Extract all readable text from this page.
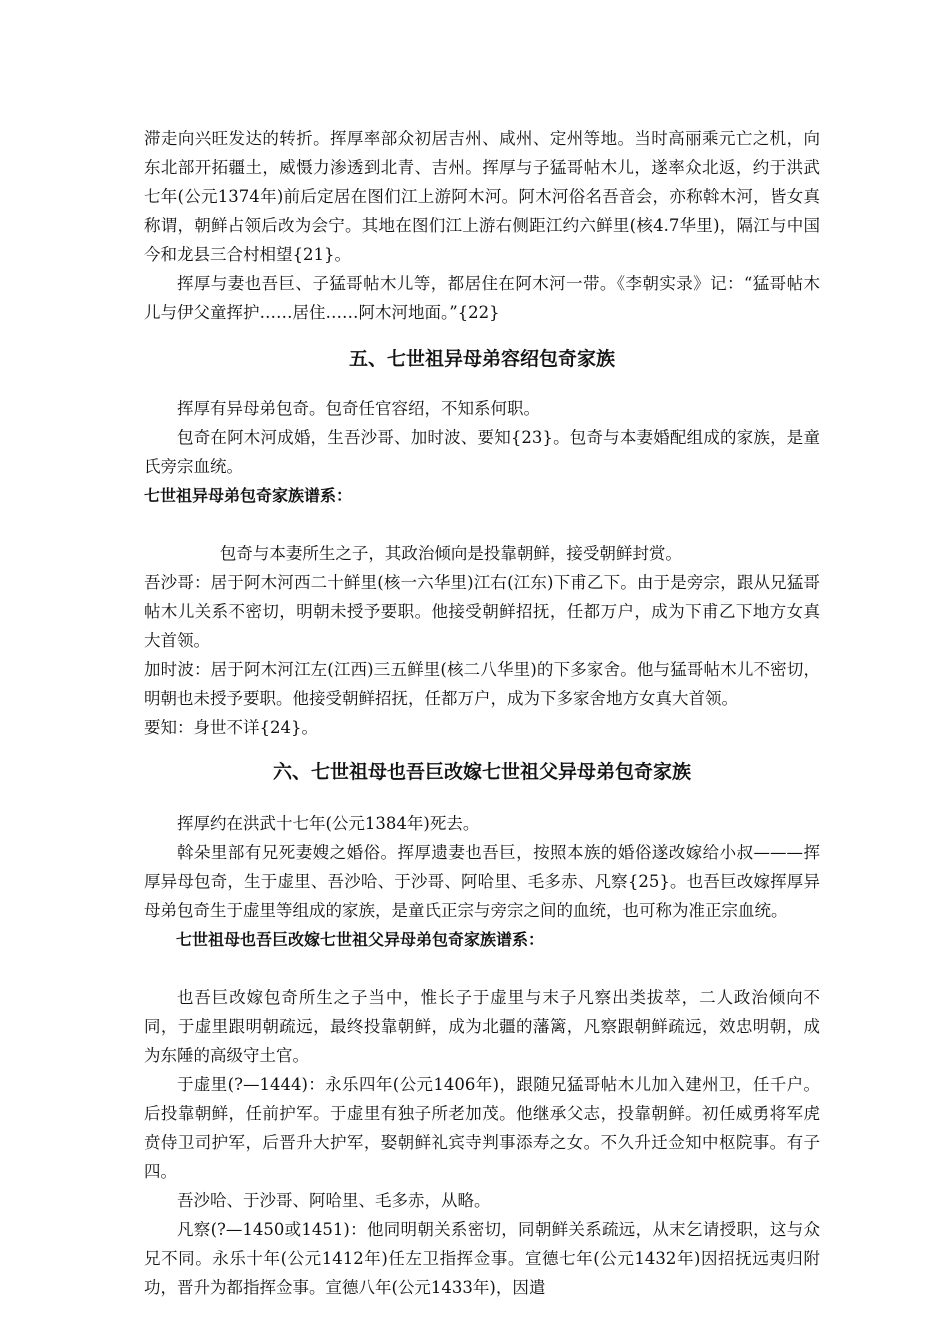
滞走向兴旺发达的转折。挥厚率部众初居吉州、咸州、定州等地。当时高丽乘元亡之机，向东北部开拓疆土，威慑力渗透到北青、吉州。挥厚与子猛哥帖木儿，遂率众北返，约于洪武七年(公元1374年)前后定居在图们江上游阿木河。阿木河俗名吾音会，亦称斡木河，皆女真称谓，朝鲜占领后改为会宁。其地在图们江上游右侧距江约六鲜里(核4.7华里)，隔江与中国今和龙县三合村相望{21}。

挥厚与妻也吾巨、子猛哥帖木儿等，都居住在阿木河一带。《李朝实录》记：“猛哥帖木儿与伊父童挥护……居住……阿木河地面。”{22}

五、七世祖异母弟容绍包奇家族

挥厚有异母弟包奇。包奇任官容绍，不知系何职。

包奇在阿木河成婚，生吾沙哥、加时波、要知{23}。包奇与本妻婚配组成的家族，是童氏旁宗血统。

七世祖异母弟包奇家族谱系：

包奇与本妻所生之子，其政治倾向是投靠朝鲜，接受朝鲜封赏。

吾沙哥：居于阿木河西二十鲜里(核一六华里)江右(江东)下甫乙下。由于是旁宗，跟从兄猛哥帖木儿关系不密切，明朝未授予要职。他接受朝鲜招抚，任都万户，成为下甫乙下地方女真大首领。

加时波：居于阿木河江左(江西)三五鲜里(核二八华里)的下多家舍。他与猛哥帖木儿不密切，明朝也未授予要职。他接受朝鲜招抚，任都万户，成为下多家舍地方女真大首领。

要知：身世不详{24}。

六、七世祖母也吾巨改嫁七世祖父异母弟包奇家族

挥厚约在洪武十七年(公元1384年)死去。

斡朵里部有兄死妻嫂之婚俗。挥厚遗妻也吾巨，按照本族的婚俗遂改嫁给小叔———挥厚异母包奇，生于虚里、吾沙哈、于沙哥、阿哈里、毛多赤、凡察{25}。也吾巨改嫁挥厚异母弟包奇生于虚里等组成的家族，是童氏正宗与旁宗之间的血统，也可称为准正宗血统。

七世祖母也吾巨改嫁七世祖父异母弟包奇家族谱系：

也吾巨改嫁包奇所生之子当中，惟长子于虚里与末子凡察出类拔萃，二人政治倾向不同，于虚里跟明朝疏远，最终投靠朝鲜，成为北疆的藩篱，凡察跟朝鲜疏远，效忠明朝，成为东陲的高级守土官。

于虚里(?—1444)：永乐四年(公元1406年)，跟随兄猛哥帖木儿加入建州卫，任千户。后投靠朝鲜，任前护军。于虚里有独子所老加茂。他继承父志，投靠朝鲜。初任威勇将军虎贲侍卫司护军，后晋升大护军，娶朝鲜礼宾寺判事添寿之女。不久升迁佥知中枢院事。有子四。

吾沙哈、于沙哥、阿哈里、毛多赤，从略。

凡察(?—1450或1451)：他同明朝关系密切，同朝鲜关系疏远，从末乞请授职，这与众兄不同。永乐十年(公元1412年)任左卫指挥佥事。宣德七年(公元1432年)因招抚远夷归附功，晋升为都指挥佥事。宣德八年(公元1433年)，因遣
